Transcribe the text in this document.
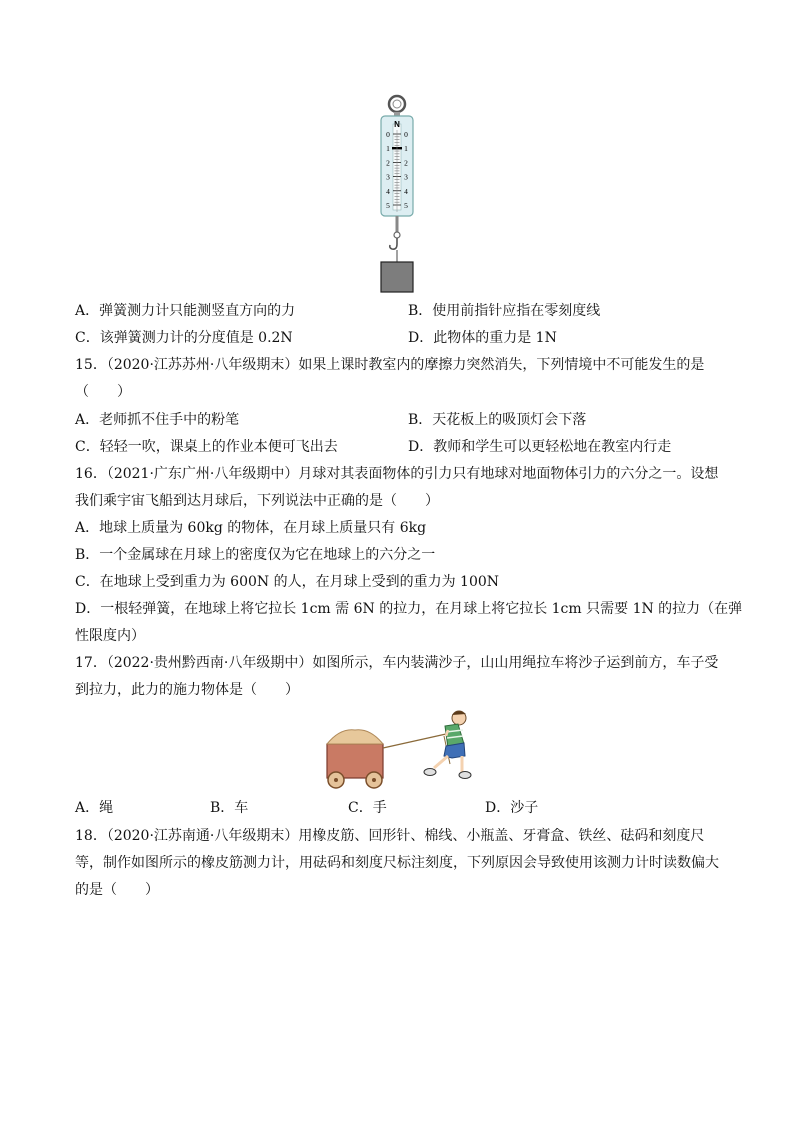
N
0 0
1 1
2 2
3 3
4 4
5 5
A．弹簧测力计只能测竖直方向的力	B．使用前指针应指在零刻度线
C．该弹簧测力计的分度值是 0.2N	D．此物体的重力是 1N
15．（2020·江苏苏州·八年级期末）如果上课时教室内的摩擦力突然消失，下列情境中不可能发生的是
（　　）
A．老师抓不住手中的粉笔	B．天花板上的吸顶灯会下落
C．轻轻一吹，课桌上的作业本便可飞出去	D．教师和学生可以更轻松地在教室内行走
16．（2021·广东广州·八年级期中）月球对其表面物体的引力只有地球对地面物体引力的六分之一。设想
我们乘宇宙飞船到达月球后，下列说法中正确的是（　　）
A．地球上质量为 60kg 的物体，在月球上质量只有 6kg
B．一个金属球在月球上的密度仅为它在地球上的六分之一
C．在地球上受到重力为 600N 的人，在月球上受到的重力为 100N
D．一根轻弹簧，在地球上将它拉长 1cm 需 6N 的拉力，在月球上将它拉长 1cm 只需要 1N 的拉力（在弹
性限度内）
17．（2022·贵州黔西南·八年级期中）如图所示，车内装满沙子，山山用绳拉车将沙子运到前方，车子受
到拉力，此力的施力物体是（　　）
A．绳	B．车	C．手	D．沙子
18．（2020·江苏南通·八年级期末）用橡皮筋、回形针、棉线、小瓶盖、牙膏盒、铁丝、砝码和刻度尺
等，制作如图所示的橡皮筋测力计，用砝码和刻度尺标注刻度，下列原因会导致使用该测力计时读数偏大
的是（　　）
